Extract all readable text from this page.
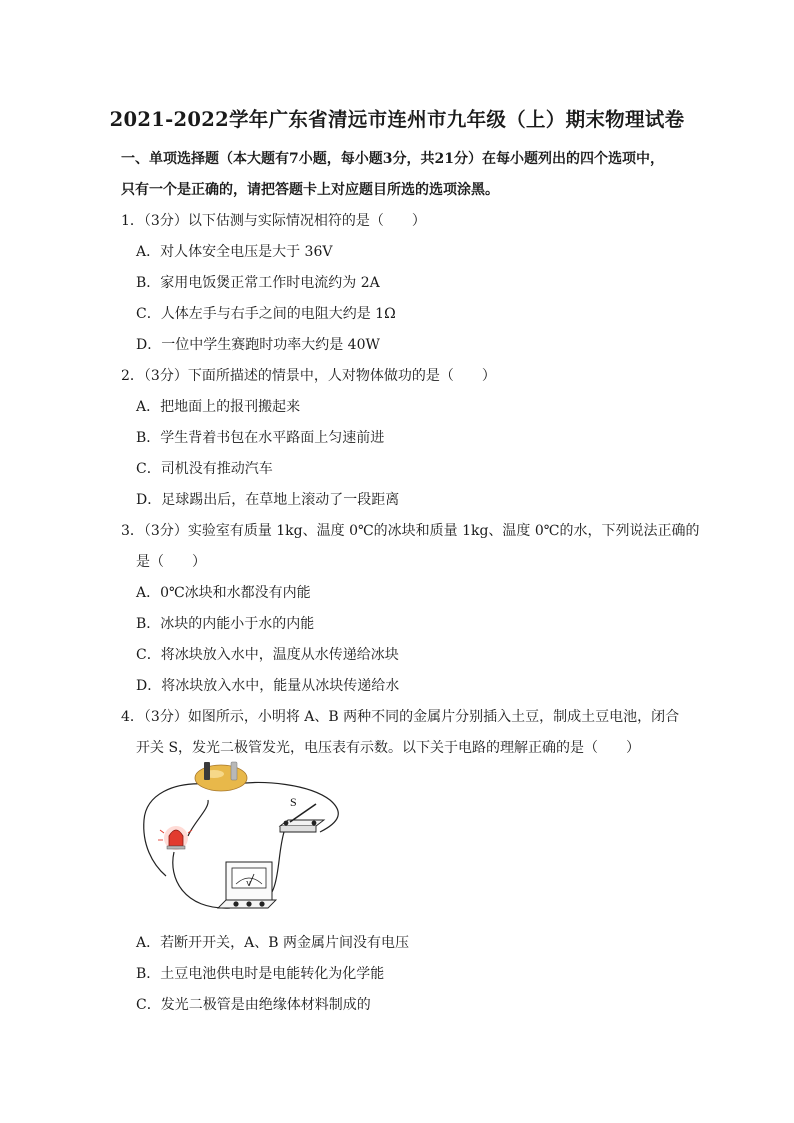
2021-2022学年广东省清远市连州市九年级（上）期末物理试卷
一、单项选择题（本大题有7小题，每小题3分，共21分）在每小题列出的四个选项中，
只有一个是正确的，请把答题卡上对应题目所选的选项涂黑。
1．（3分）以下估测与实际情况相符的是（　　）
A．对人体安全电压是大于 36V
B．家用电饭煲正常工作时电流约为 2A
C．人体左手与右手之间的电阻大约是 1Ω
D．一位中学生赛跑时功率大约是 40W
2．（3分）下面所描述的情景中，人对物体做功的是（　　）
A．把地面上的报刊搬起来
B．学生背着书包在水平路面上匀速前进
C．司机没有推动汽车
D．足球踢出后，在草地上滚动了一段距离
3．（3分）实验室有质量 1kg、温度 0℃的冰块和质量 1kg、温度 0℃的水，下列说法正确的
是（　　）
A．0℃冰块和水都没有内能
B．冰块的内能小于水的内能
C．将冰块放入水中，温度从水传递给冰块
D．将冰块放入水中，能量从冰块传递给水
4．（3分）如图所示，小明将 A、B 两种不同的金属片分别插入土豆，制成土豆电池，闭合
开关 S，发光二极管发光，电压表有示数。以下关于电路的理解正确的是（　　）
S
V
A．若断开开关，A、B 两金属片间没有电压
B．土豆电池供电时是电能转化为化学能
C．发光二极管是由绝缘体材料制成的
